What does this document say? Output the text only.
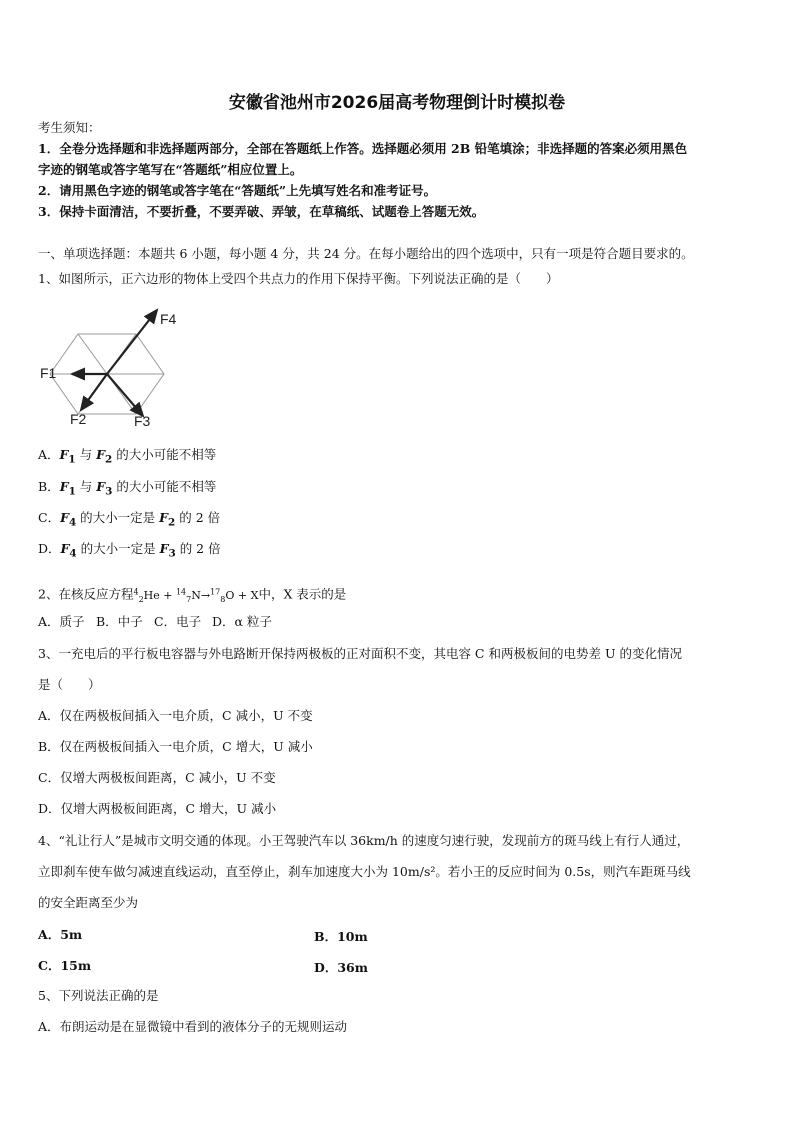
安徽省池州市2026届高考物理倒计时模拟卷
考生须知：
1．全卷分选择题和非选择题两部分，全部在答题纸上作答。选择题必须用 2B 铅笔填涂；非选择题的答案必须用黑色
字迹的钢笔或答字笔写在“答题纸”相应位置上。
2．请用黑色字迹的钢笔或答字笔在“答题纸”上先填写姓名和准考证号。
3．保持卡面清洁，不要折叠，不要弄破、弄皱，在草稿纸、试题卷上答题无效。
一、单项选择题：本题共 6 小题，每小题 4 分，共 24 分。在每小题给出的四个选项中，只有一项是符合题目要求的。
1、如图所示，正六边形的物体上受四个共点力的作用下保持平衡。下列说法正确的是（　　）
F1
F2	F3
F4
A．$F_1$ 与 $F_2$ 的大小可能不相等
B．$F_1$ 与 $F_3$ 的大小可能不相等
C．$F_4$ 的大小一定是 $F_2$ 的 2 倍
D．$F_4$ 的大小一定是 $F_3$ 的 2 倍
2、在核反应方程$^4_2$He + $^{14}_7$N→$^{17}_8$O + X中，X 表示的是
A．质子 B．中子 C．电子 D．α 粒子
3、一充电后的平行板电容器与外电路断开保持两极板的正对面积不变，其电容 C 和两极板间的电势差 U 的变化情况
是（　　）
A．仅在两极板间插入一电介质，C 减小，U 不变
B．仅在两极板间插入一电介质，C 增大，U 减小
C．仅增大两极板间距离，C 减小，U 不变
D．仅增大两极板间距离，C 增大，U 减小
4、“礼让行人”是城市文明交通的体现。小王驾驶汽车以 36km/h 的速度匀速行驶，发现前方的斑马线上有行人通过，
立即刹车使车做匀减速直线运动，直至停止，刹车加速度大小为 10m/s²。若小王的反应时间为 0.5s，则汽车距斑马线
的安全距离至少为
A．5m	B．10m
C．15m	D．36m
5、下列说法正确的是
A．布朗运动是在显微镜中看到的液体分子的无规则运动
